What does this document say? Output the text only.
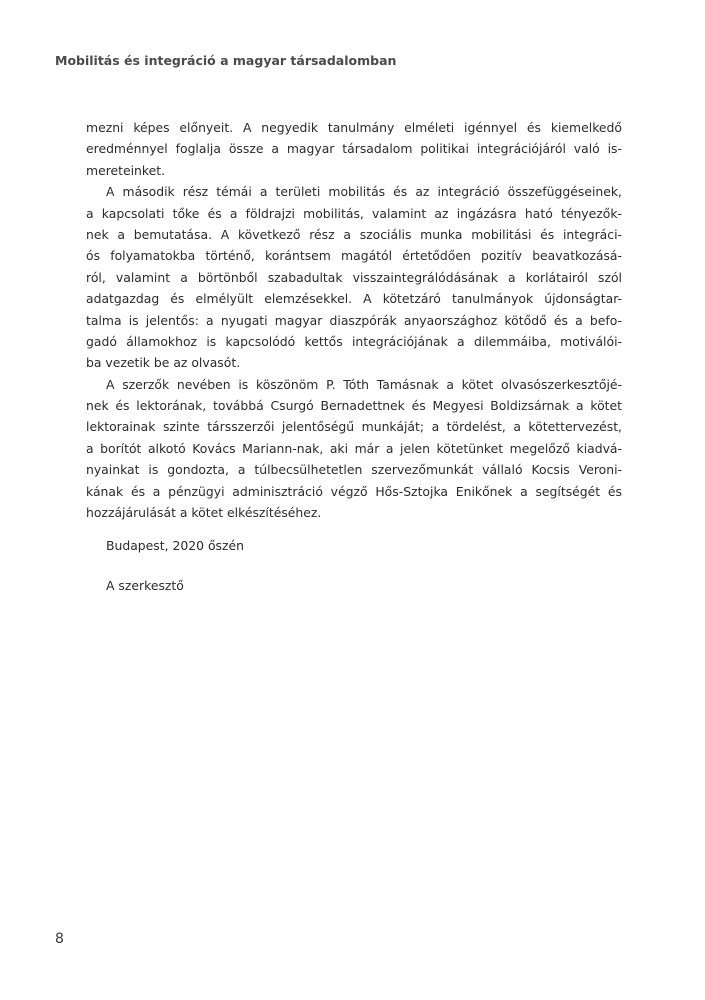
Mobilitás és integráció a magyar társadalomban
mezni képes előnyeit. A negyedik tanulmány elméleti igénnyel és kiemelkedő
eredménnyel foglalja össze a magyar társadalom politikai integrációjáról való is-
mereteinket.
A második rész témái a területi mobilitás és az integráció összefüggéseinek,
a kapcsolati tőke és a földrajzi mobilitás, valamint az ingázásra ható tényezők-
nek a bemutatása. A következő rész a szociális munka mobilitási és integráci-
ós folyamatokba történő, korántsem magától értetődően pozitív beavatkozásá-
ról, valamint a börtönből szabadultak visszaintegrálódásának a korlátairól szól
adatgazdag és elmélyült elemzésekkel. A kötetzáró tanulmányok újdonságtar-
talma is jelentős: a nyugati magyar diaszpórák anyaországhoz kötődő és a befo-
gadó államokhoz is kapcsolódó kettős integrációjának a dilemmáiba, motiválói-
ba vezetik be az olvasót.
A szerzők nevében is köszönöm P. Tóth Tamásnak a kötet olvasószerkesztőjé-
nek és lektorának, továbbá Csurgó Bernadettnek és Megyesi Boldizsárnak a kötet
lektorainak szinte társszerzői jelentőségű munkáját; a tördelést, a kötettervezést,
a borítót alkotó Kovács Mariann-nak, aki már a jelen kötetünket megelőző kiadvá-
nyainkat is gondozta, a túlbecsülhetetlen szervezőmunkát vállaló Kocsis Veroni-
kának és a pénzügyi adminisztráció végző Hős-Sztojka Enikőnek a segítségét és
hozzájárulását a kötet elkészítéséhez.
Budapest, 2020 őszén
A szerkesztő
8
